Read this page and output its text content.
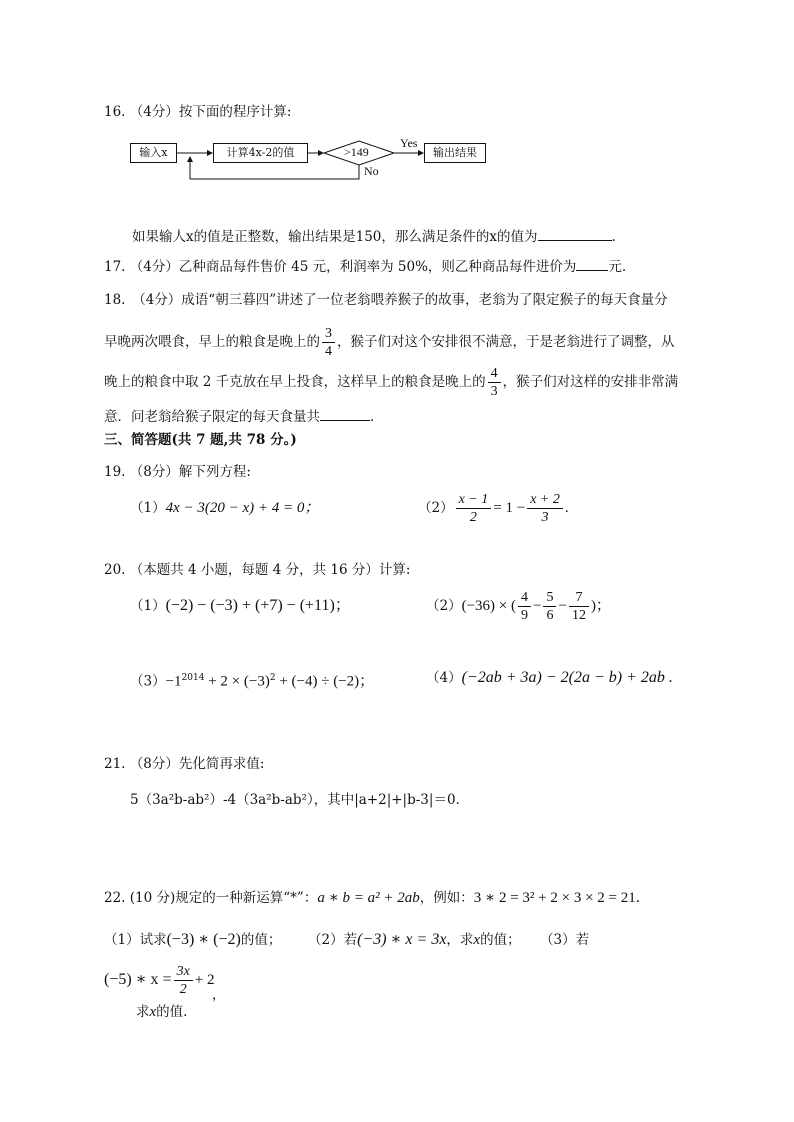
16. （4分）按下面的程序计算:
输入x	计算4x-2的值	>149	输出结果
Yes
No
如果输人x的值是正整数，输出结果是150，那么满足条件的x的值为	.
17. （4分）乙种商品每件售价 45 元，利润率为 50%，则乙种商品每件进价为 元.
18.　（4分）成语“朝三暮四”讲述了一位老翁喂养猴子的故事，老翁为了限定猴子的每天食量分
早晚两次喂食，早上的粮食是晚上的 $\frac{3}{4}$ ，猴子们对这个安排很不满意，于是老翁进行了调整，从
晚上的粮食中取 2 千克放在早上投食，这样早上的粮食是晚上的 $\frac{4}{3}$ ，猴子们对这样的安排非常满
意．问老翁给猴子限定的每天食量共	．
三、简答题(共 7 题,共 78 分。)
19. （8分）解下列方程:
（1）4x − 3(20 − x) + 4 = 0；	$(2) \frac{x - 1}{2} = 1 - \frac{x + 2}{3}$ .
20. （本题共 4 小题，每题 4 分，共 16 分）计算:
（1）(−2) − (−3) + (+7) − (+11)；	（2）(−36) × ( $\frac{4}{9} - \frac{5}{6} - \frac{7}{12}$ )；
$(3)-1^{2014} + 2 \times (-3)^2 + (-4) \div (-2)$；	（4）(−2ab + 3a) − 2(2a − b) + 2ab .
21. （8分）先化简再求值:
5（3a²b-ab²）-4（3a²b-ab²），其中|a+2|+|b-3|＝0.
22. (10 分)规定的一种新运算“*”：a ∗ b = a² + 2ab，例如：3 ∗ 2 = 3² + 2 × 3 × 2 = 21.
（1）试求(−3) ∗ (−2)的值； （2）若(−3) ∗ x = 3x，求x的值； （3）若
(−5) ∗ $x = \frac{3x}{2} + 2$
，
求x的值.
